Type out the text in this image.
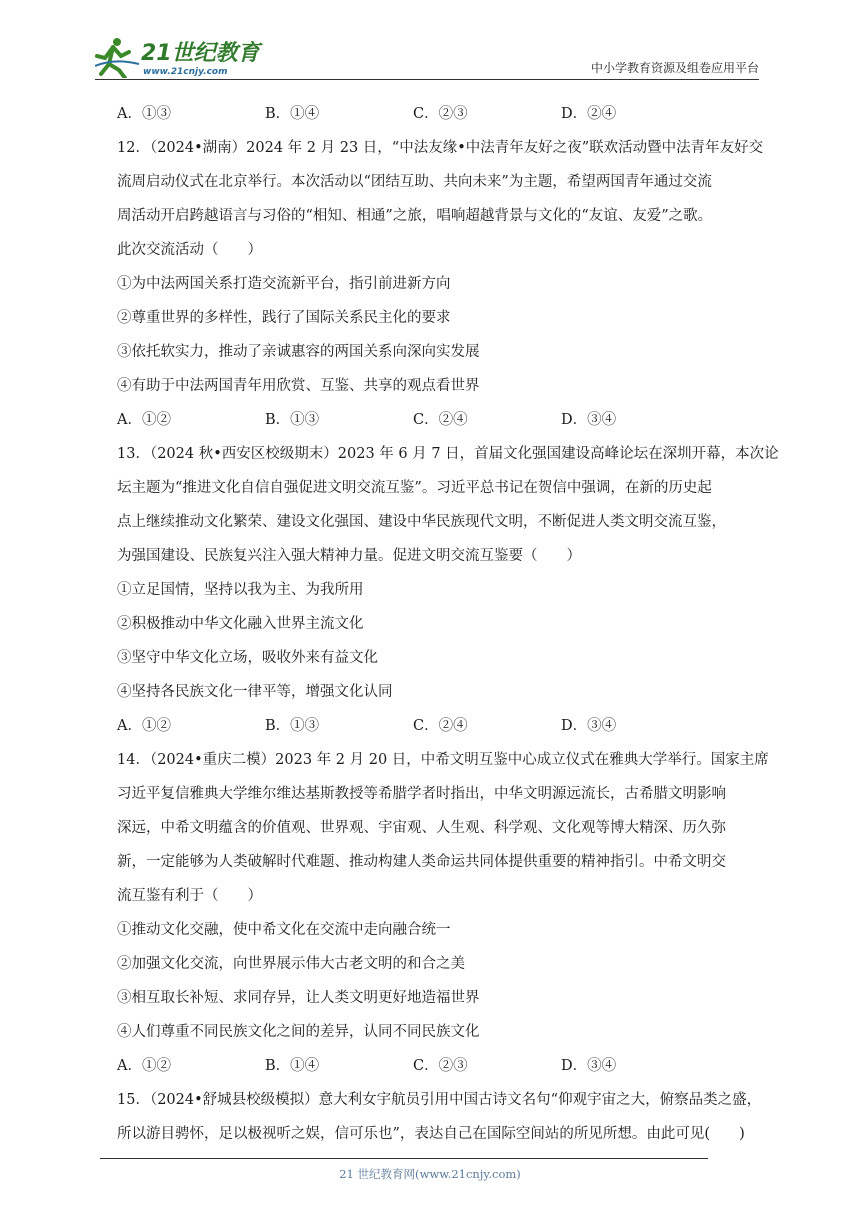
21世纪教育
www.21cnjy.com	中小学教育资源及组卷应用平台
A．①③	B．①④	C．②③	D．②④

12．（2024•湖南）2024 年 2 月 23 日，“中法友缘•中法青年友好之夜”联欢活动暨中法青年友好交

流周启动仪式在北京举行。本次活动以“团结互助、共向未来”为主题，希望两国青年通过交流

周活动开启跨越语言与习俗的“相知、相通”之旅，唱响超越背景与文化的“友谊、友爱”之歌。

此次交流活动（　　）

①为中法两国关系打造交流新平台，指引前进新方向

②尊重世界的多样性，践行了国际关系民主化的要求

③依托软实力，推动了亲诚惠容的两国关系向深向实发展

④有助于中法两国青年用欣赏、互鉴、共享的观点看世界

A．①②	B．①③	C．②④	D．③④

13．（2024 秋•西安区校级期末）2023 年 6 月 7 日，首届文化强国建设高峰论坛在深圳开幕，本次论

坛主题为“推进文化自信自强促进文明交流互鉴”。习近平总书记在贺信中强调，在新的历史起

点上继续推动文化繁荣、建设文化强国、建设中华民族现代文明，不断促进人类文明交流互鉴，

为强国建设、民族复兴注入强大精神力量。促进文明交流互鉴要（　　）

①立足国情，坚持以我为主、为我所用

②积极推动中华文化融入世界主流文化

③坚守中华文化立场，吸收外来有益文化

④坚持各民族文化一律平等，增强文化认同

A．①②	B．①③	C．②④	D．③④

14．（2024•重庆二模）2023 年 2 月 20 日，中希文明互鉴中心成立仪式在雅典大学举行。国家主席

习近平复信雅典大学维尔维达基斯教授等希腊学者时指出，中华文明源远流长，古希腊文明影响

深远，中希文明蕴含的价值观、世界观、宇宙观、人生观、科学观、文化观等博大精深、历久弥

新，一定能够为人类破解时代难题、推动构建人类命运共同体提供重要的精神指引。中希文明交

流互鉴有利于（　　）

①推动文化交融，使中希文化在交流中走向融合统一

②加强文化交流，向世界展示伟大古老文明的和合之美

③相互取长补短、求同存异，让人类文明更好地造福世界

④人们尊重不同民族文化之间的差异，认同不同民族文化

A．①②	B．①④	C．②③	D．③④

15．（2024•舒城县校级模拟）意大利女宇航员引用中国古诗文名句“仰观宇宙之大，俯察品类之盛，

所以游目骋怀，足以极视听之娱，信可乐也”，表达自己在国际空间站的所见所想。由此可见(　　)

21 世纪教育网(www.21cnjy.com)
